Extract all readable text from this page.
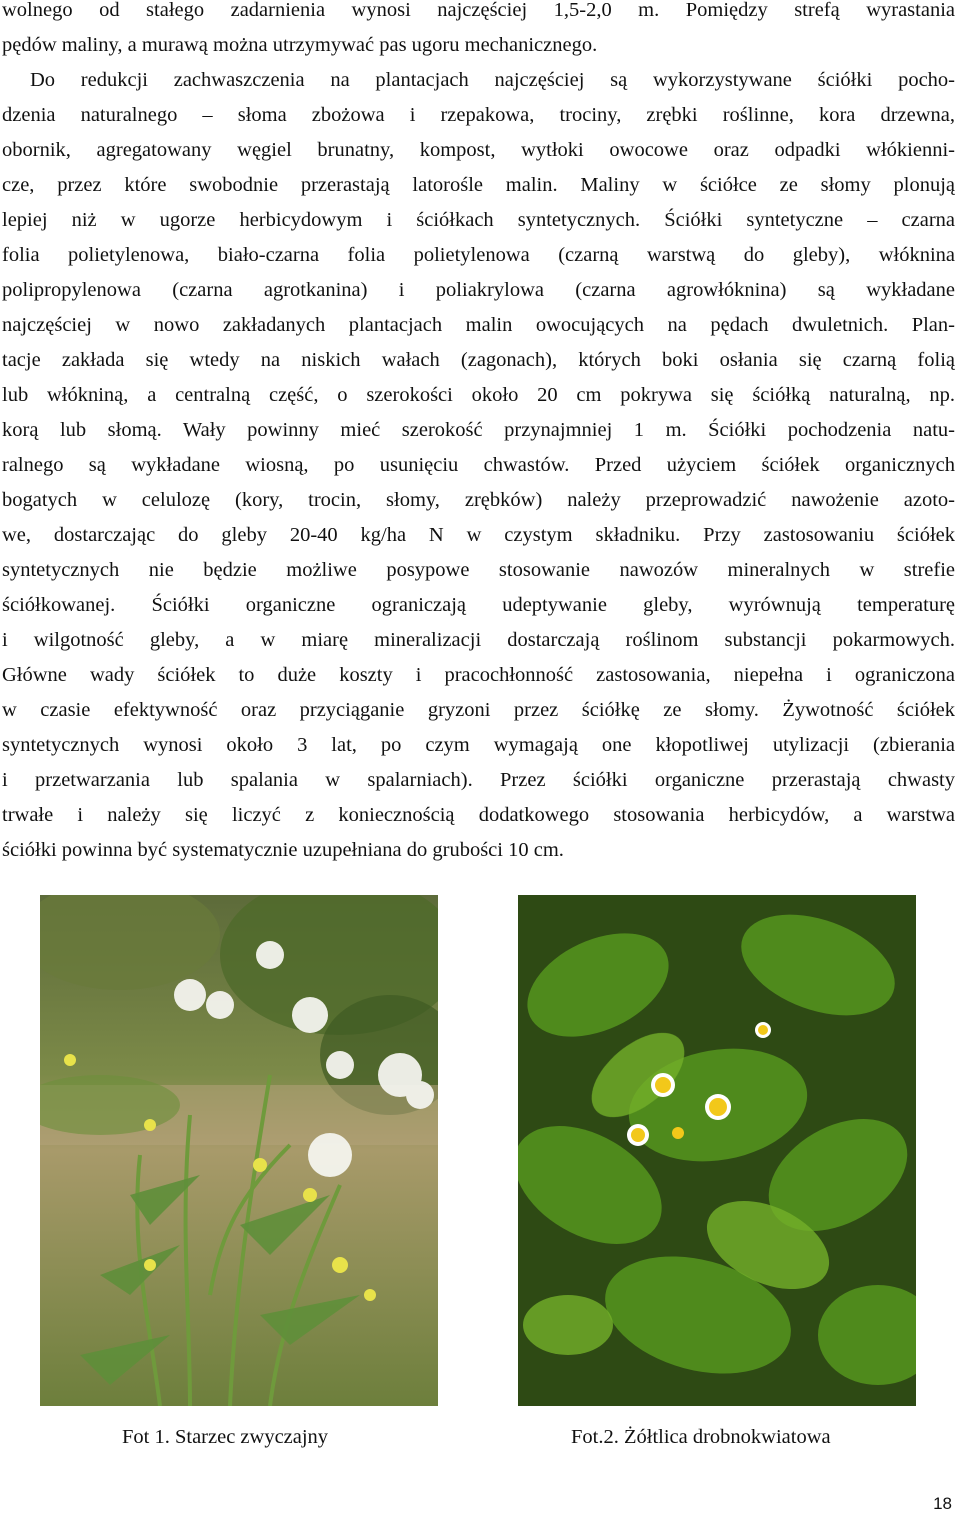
wolnego od stałego zadarnienia wynosi najczęściej 1,5-2,0 m. Pomiędzy strefą wyrastania
pędów maliny, a murawą można utrzymywać pas ugoru mechanicznego.
Do redukcji zachwaszczenia na plantacjach najczęściej są wykorzystywane ściółki pocho-
dzenia naturalnego – słoma zbożowa i rzepakowa, trociny, zrębki roślinne, kora drzewna,
obornik, agregatowany węgiel brunatny, kompost, wytłoki owocowe oraz odpadki włókienni-
cze, przez które swobodnie przerastają latorośle malin. Maliny w ściółce ze słomy plonują
lepiej niż w ugorze herbicydowym i ściółkach syntetycznych. Ściółki syntetyczne – czarna
folia polietylenowa, biało-czarna folia polietylenowa (czarną warstwą do gleby), włóknina
polipropylenowa (czarna agrotkanina) i poliakrylowa (czarna agrowłóknina) są wykładane
najczęściej w nowo zakładanych plantacjach malin owocujących na pędach dwuletnich. Plan-
tacje zakłada się wtedy na niskich wałach (zagonach), których boki osłania się czarną folią
lub włókniną, a centralną część, o szerokości około 20 cm pokrywa się ściółką naturalną, np.
korą lub słomą. Wały powinny mieć szerokość przynajmniej 1 m. Ściółki pochodzenia natu-
ralnego są wykładane wiosną, po usunięciu chwastów. Przed użyciem ściółek organicznych
bogatych w celulozę (kory, trocin, słomy, zrębków) należy przeprowadzić nawożenie azoto-
we, dostarczając do gleby 20-40 kg/ha N w czystym składniku. Przy zastosowaniu ściółek
syntetycznych nie będzie możliwe posypowe stosowanie nawozów mineralnych w strefie
ściółkowanej. Ściółki organiczne ograniczają udeptywanie gleby, wyrównują temperaturę
i wilgotność gleby, a w miarę mineralizacji dostarczają roślinom substancji pokarmowych.
Główne wady ściółek to duże koszty i pracochłonność zastosowania, niepełna i ograniczona
w czasie efektywność oraz przyciąganie gryzoni przez ściółkę ze słomy. Żywotność ściółek
syntetycznych wynosi około 3 lat, po czym wymagają one kłopotliwej utylizacji (zbierania
i przetwarzania lub spalania w spalarniach). Przez ściółki organiczne przerastają chwasty
trwałe i należy się liczyć z koniecznością dodatkowego stosowania herbicydów, a warstwa
ściółki powinna być systematycznie uzupełniana do grubości 10 cm.
Fot 1. Starzec zwyczajny	Fot.2. Żółtlica drobnokwiatowa
18
